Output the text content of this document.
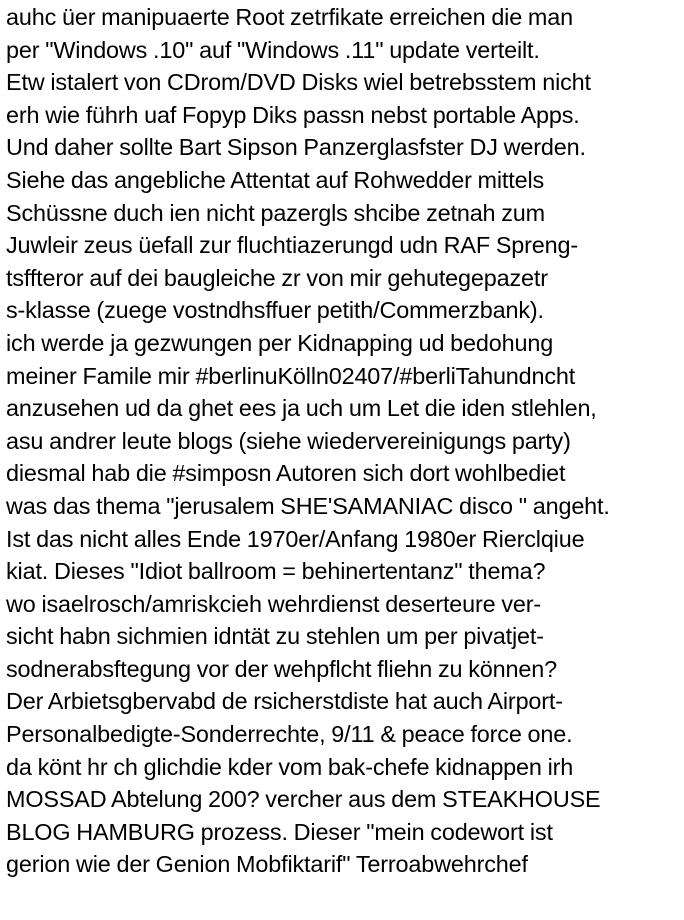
auhc üer manipuaerte Root zetrfikate erreichen die man
per "Windows .10" auf "Windows .11" update verteilt.
Etw istalert von CDrom/DVD Disks wiel betrebsstem nicht
erh wie führh uaf Fopyp Diks passn nebst portable Apps.
Und daher sollte Bart Sipson Panzerglasfster DJ werden.
Siehe das angebliche Attentat auf Rohwedder mittels
Schüssne duch ien nicht pazergls shcibe zetnah zum
Juwleir zeus üefall zur fluchtiazerungd udn RAF Spreng-
tsffteror auf dei baugleiche zr von mir gehutegepazetr
s-klasse (zuege vostndhsffuer petith/Commerzbank).
ich werde ja gezwungen per Kidnapping ud bedohung
meiner Famile mir #berlinuKölln02407/#berliTahundncht
anzusehen ud da ghet ees ja uch um Let die iden stlehlen,
asu andrer leute blogs (siehe wiedervereinigungs party)
diesmal hab die #simposn Autoren sich dort wohlbediet
was das thema "jerusalem SHE'SAMANIAC disco " angeht.
Ist das nicht alles Ende 1970er/Anfang 1980er Rierclqiue
kiat. Dieses "Idiot ballroom = behinertentanz" thema?
wo isaelrosch/amriskcieh wehrdienst deserteure ver-
sicht habn sichmien idntät zu stehlen um per pivatjet-
sodnerabsftegung vor der wehpflcht fliehn zu können?
Der Arbietsgbervabd de rsicherstdiste hat auch Airport-
Personalbedigte-Sonderrechte, 9/11 & peace force one.
da könt hr ch glichdie kder vom bak-chefe kidnappen irh
MOSSAD Abtelung 200? vercher aus dem STEAKHOUSE
BLOG HAMBURG prozess. Dieser "mein codewort ist
gerion wie der Genion Mobfiktarif" Terroabwehrchef
